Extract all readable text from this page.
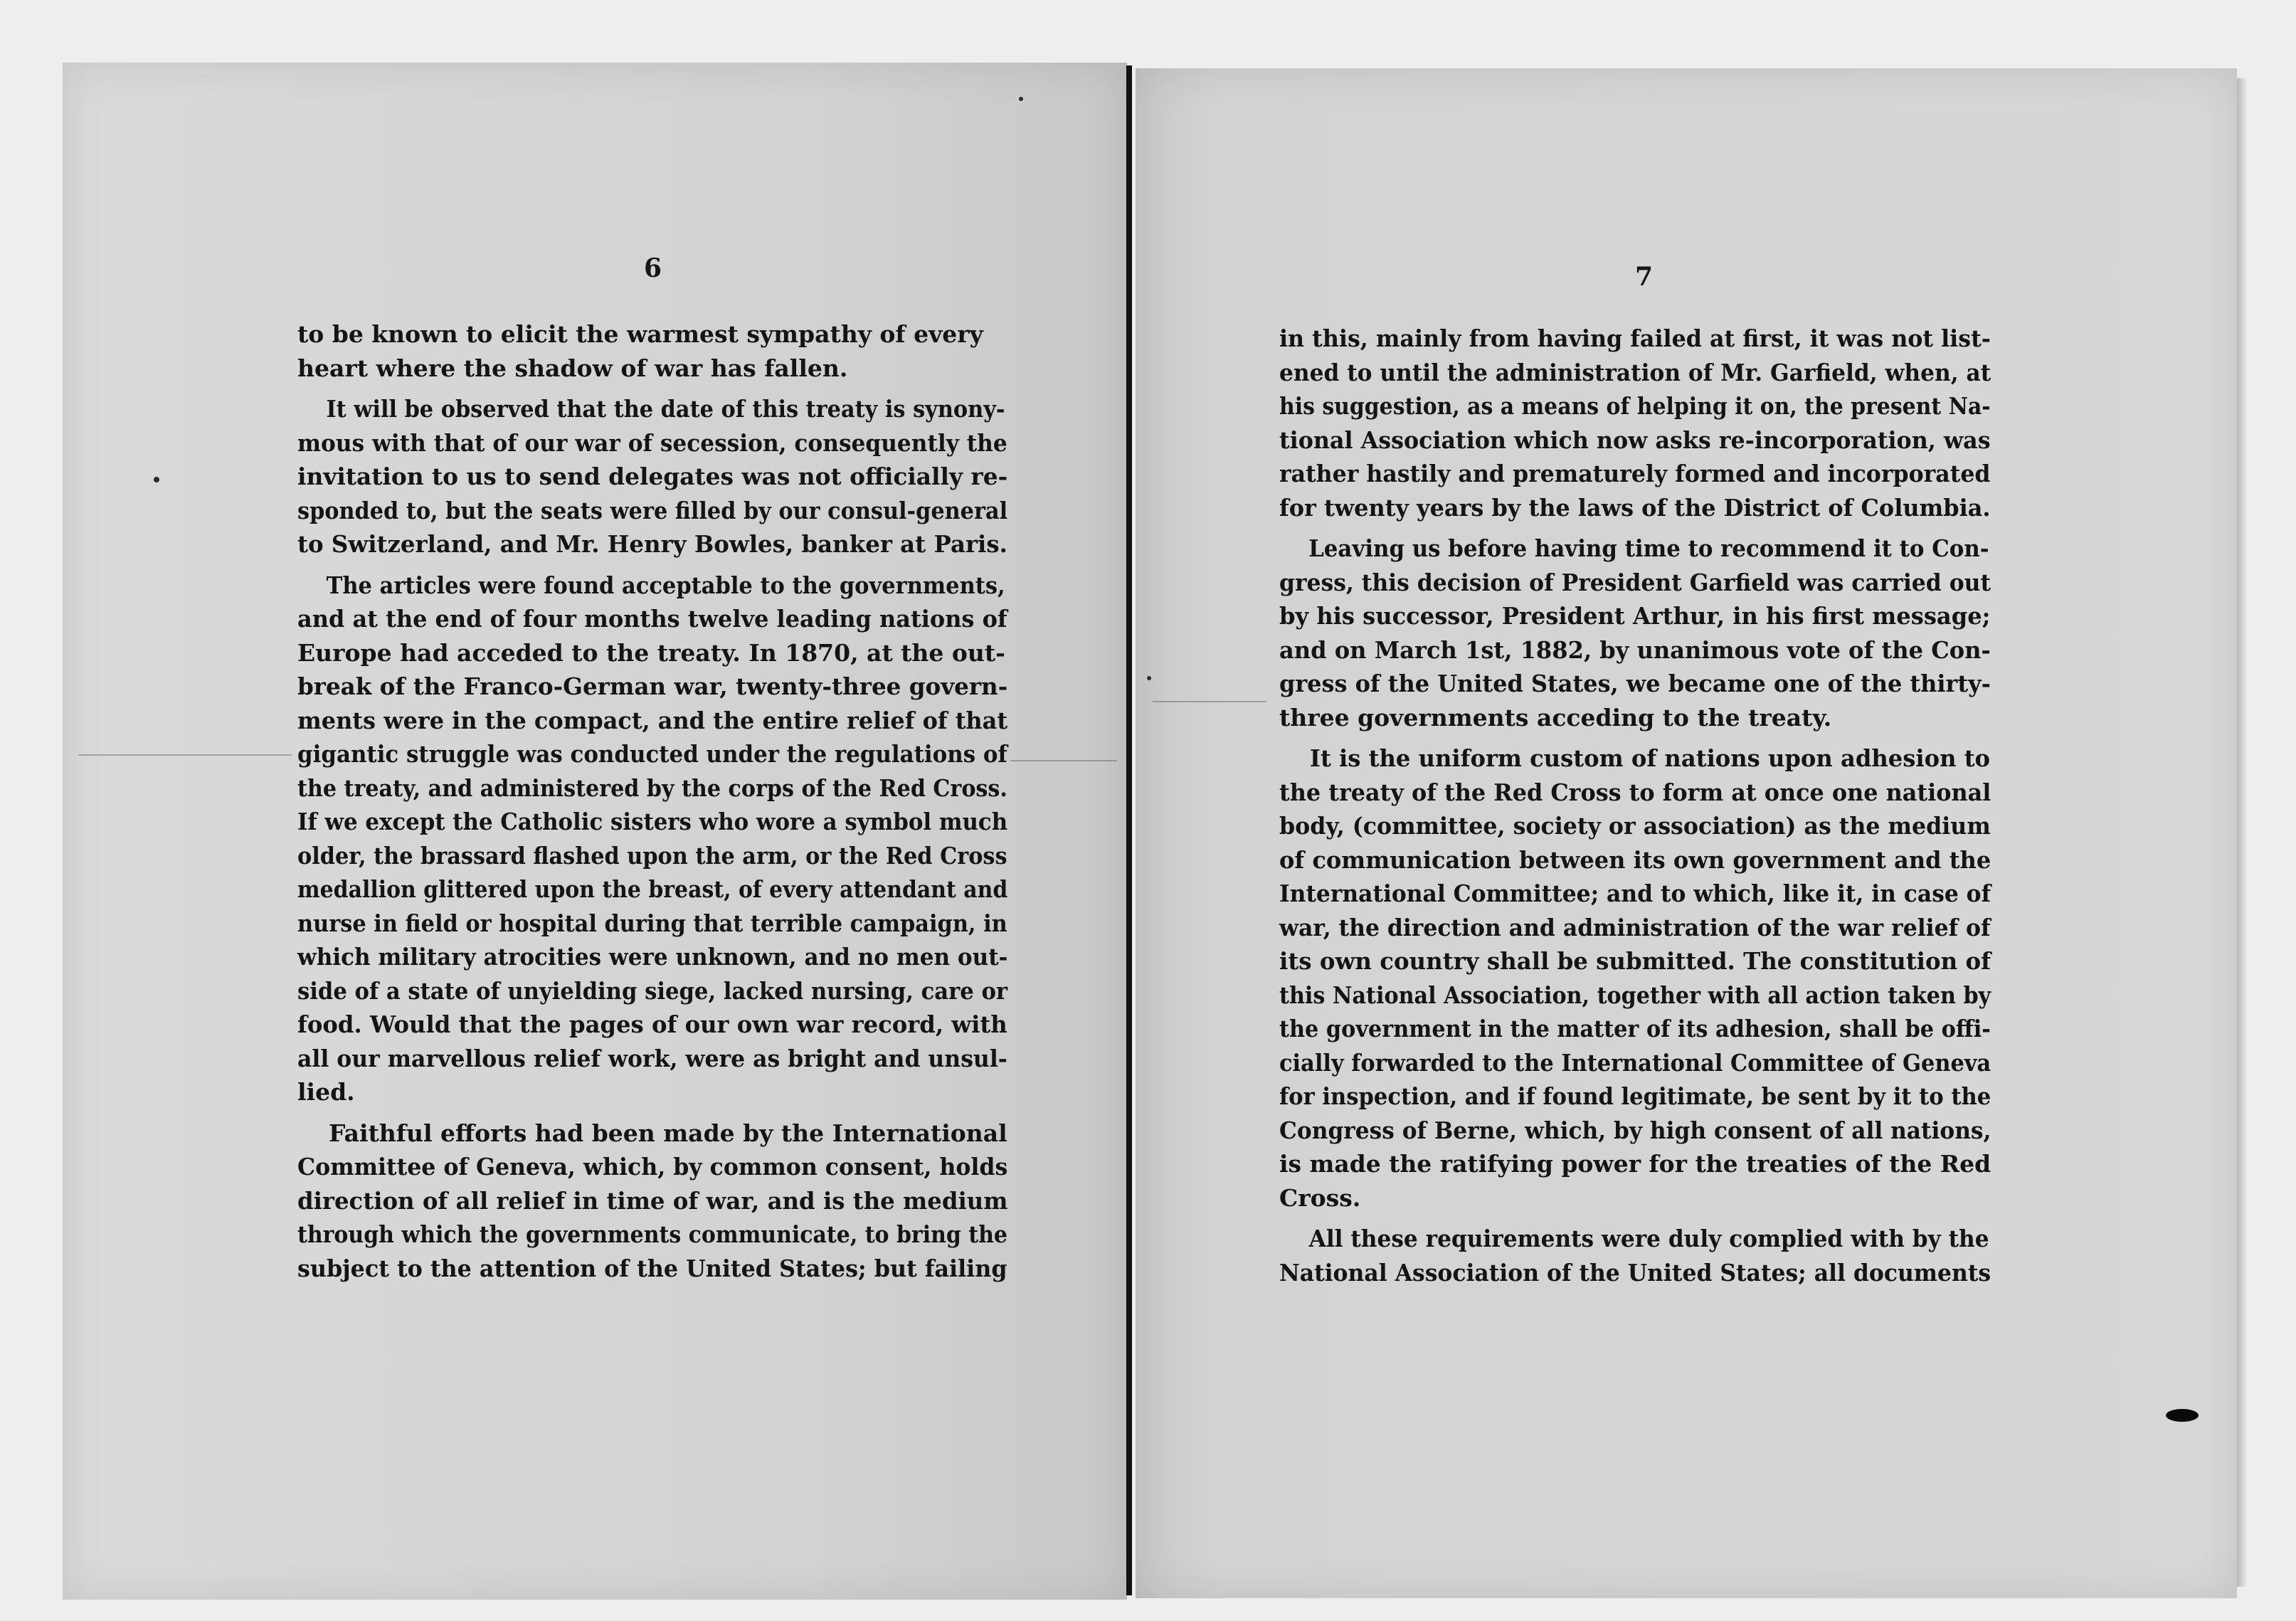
6
to be known to elicit the warmest sympathy of every
heart where the shadow of war has fallen.
It will be observed that the date of this treaty is synony-
mous with that of our war of secession, consequently the
invitation to us to send delegates was not officially re-
sponded to, but the seats were filled by our consul-general
to Switzerland, and Mr. Henry Bowles, banker at Paris.
The articles were found acceptable to the governments,
and at the end of four months twelve leading nations of
Europe had acceded to the treaty. In 1870, at the out-
break of the Franco-German war, twenty-three govern-
ments were in the compact, and the entire relief of that
gigantic struggle was conducted under the regulations of
the treaty, and administered by the corps of the Red Cross.
If we except the Catholic sisters who wore a symbol much
older, the brassard flashed upon the arm, or the Red Cross
medallion glittered upon the breast, of every attendant and
nurse in field or hospital during that terrible campaign, in
which military atrocities were unknown, and no men out-
side of a state of unyielding siege, lacked nursing, care or
food. Would that the pages of our own war record, with
all our marvellous relief work, were as bright and unsul-
lied.
Faithful efforts had been made by the International
Committee of Geneva, which, by common consent, holds
direction of all relief in time of war, and is the medium
through which the governments communicate, to bring the
subject to the attention of the United States; but failing
7
in this, mainly from having failed at first, it was not list-
ened to until the administration of Mr. Garfield, when, at
his suggestion, as a means of helping it on, the present Na-
tional Association which now asks re-incorporation, was
rather hastily and prematurely formed and incorporated
for twenty years by the laws of the District of Columbia.
Leaving us before having time to recommend it to Con-
gress, this decision of President Garfield was carried out
by his successor, President Arthur, in his first message;
and on March 1st, 1882, by unanimous vote of the Con-
gress of the United States, we became one of the thirty-
three governments acceding to the treaty.
It is the uniform custom of nations upon adhesion to
the treaty of the Red Cross to form at once one national
body, (committee, society or association) as the medium
of communication between its own government and the
International Committee; and to which, like it, in case of
war, the direction and administration of the war relief of
its own country shall be submitted. The constitution of
this National Association, together with all action taken by
the government in the matter of its adhesion, shall be offi-
cially forwarded to the International Committee of Geneva
for inspection, and if found legitimate, be sent by it to the
Congress of Berne, which, by high consent of all nations,
is made the ratifying power for the treaties of the Red
Cross.
All these requirements were duly complied with by the
National Association of the United States; all documents
